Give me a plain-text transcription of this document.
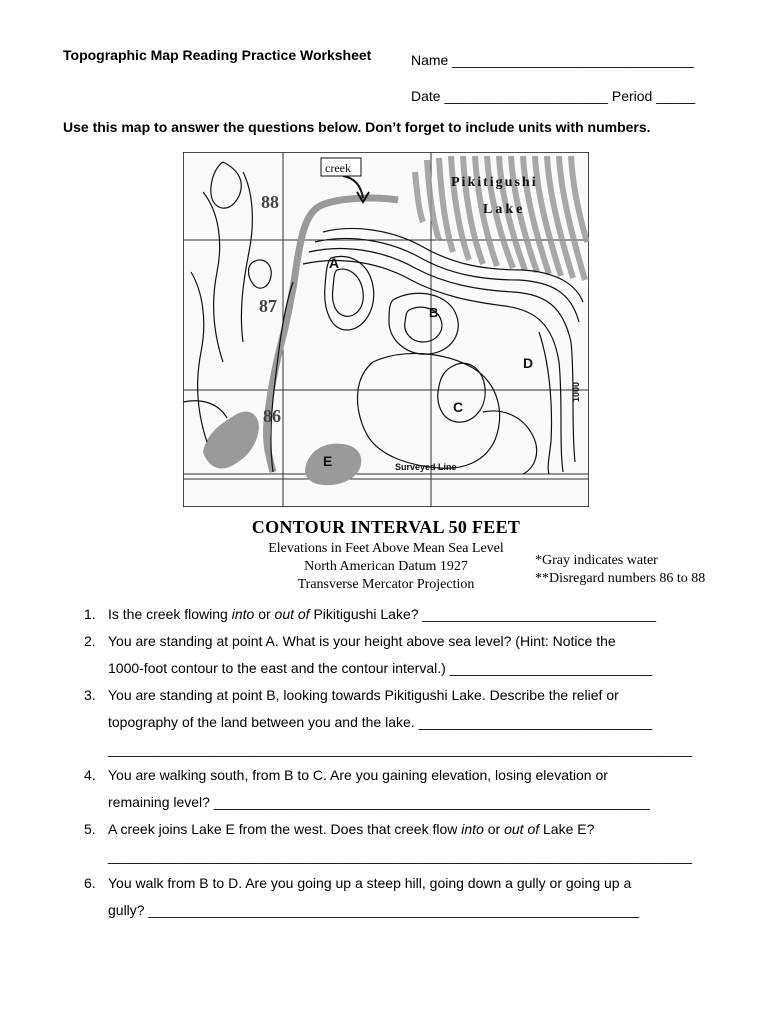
Topographic Map Reading Practice Worksheet	Name _______________________________
Date _____________________ Period _____
Use this map to answer the questions below. Don’t forget to include units with numbers.
creek
Pikitigushi
Lake
88
87
86
A
B
C
D
E	Surveyed Line
1000
CONTOUR INTERVAL 50 FEET
Elevations in Feet Above Mean Sea Level
North American Datum 1927
Transverse Mercator Projection
*Gray indicates water
**Disregard numbers 86 to 88
1. Is the creek flowing into or out of Pikitigushi Lake? ______________________________
2. You are standing at point A. What is your height above sea level? (Hint: Notice the
1000-foot contour to the east and the contour interval.) __________________________
3. You are standing at point B, looking towards Pikitigushi Lake. Describe the relief or
topography of the land between you and the lake. ______________________________
___________________________________________________________________________
4. You are walking south, from B to C. Are you gaining elevation, losing elevation or
remaining level? ________________________________________________________
5. A creek joins Lake E from the west. Does that creek flow into or out of Lake E?
___________________________________________________________________________
6. You walk from B to D. Are you going up a steep hill, going down a gully or going up a
gully? _______________________________________________________________
